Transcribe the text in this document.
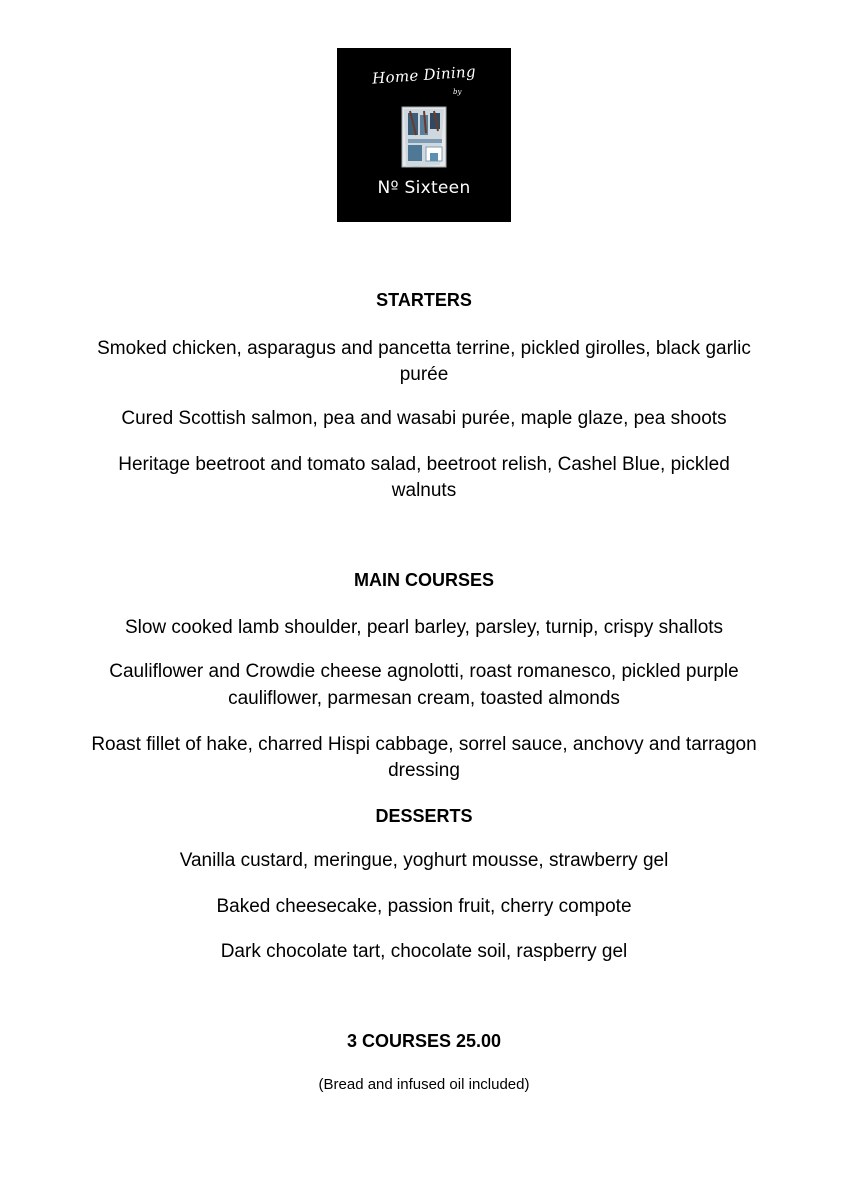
Home Dining
by
Nº Sixteen
STARTERS
Smoked chicken, asparagus and pancetta terrine, pickled girolles, black garlic
purée
Cured Scottish salmon, pea and wasabi purée, maple glaze, pea shoots
Heritage beetroot and tomato salad, beetroot relish, Cashel Blue, pickled
walnuts
MAIN COURSES
Slow cooked lamb shoulder, pearl barley, parsley, turnip, crispy shallots
Cauliflower and Crowdie cheese agnolotti, roast romanesco, pickled purple
cauliflower, parmesan cream, toasted almonds
Roast fillet of hake, charred Hispi cabbage, sorrel sauce, anchovy and tarragon
dressing
DESSERTS
Vanilla custard, meringue, yoghurt mousse, strawberry gel
Baked cheesecake, passion fruit, cherry compote
Dark chocolate tart, chocolate soil, raspberry gel
3 COURSES 25.00
(Bread and infused oil included)
